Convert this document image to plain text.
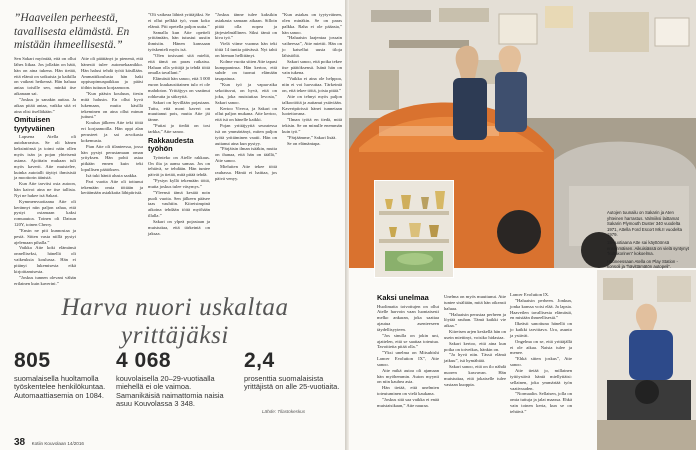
”Haaveilen perheestä, tavallisesta elämästä. En mistään ihmeellisestä.”

Sen Sakari myöntää, että on ollut lähes liikaa. Jos jollakin on hätä, hän on aina tukena. Hän tietää, että elämä on sotkuista ja kaikilla on vaikeat hetkensä. Hän haluaa antaa toisille sen, minkä itse aikanaan sai.

”Joskus jo sanakin auttaa. Ja aikaa pitää antaa, vaikka sitä ei aina olisi itselläkään.”

Omituisen tyytyväinen

Lapsena Atella oli autoharrastus. Se oli hänen keksintönsä ja toimi näin ollen myös isän ja pojan yhteisenä asiana. Ajoittain mukaan tuli myös kaverit. Atte muistelee, kuinka autotalli täyttyi ihmisistä ja moottorin äänistä.

Kun Atte tarvitsi osia autoon, hän kaivoi aina ne itse tallista. Nyt ne hakee isä Sakari.

Kymmenvuotiaana Atte oli kerännyt niin paljon rahaa, että pystyi ostamaan kaksi romuautoa. Toinen oli Datsun 120Y, toinen Cherry.

”Ensin ne piti kunnostaa ja pestä. Sitten vasta niillä pystyi ajelemaan pihalla.”

Vaikka Atte koki elämänsä onnelliseksi, hänellä oli vaikeuksia koulussa. Hän ei pitänyt lukemisesta eikä kirjoittamisesta.

”Joskus tunnen olevani vähän erilainen kuin kaverini.”

Atte oli päättänyt jo pienenä, että hänestä tulee automekaanikko. Hän halusi tehdä työtä käsillään. Ammattikoulusta hän haki oppisopimuspaikkaa ja pääsi töihin tuttuun korjaamoon.

”Kun pääsin kouluun, tiesin mitä halusin. En ollut hyvä lukemaan, mutta käsillä tekeminen on aina ollut minun juttuni.”

Koulun jälkeen Atte teki töitä eri korjaamoilla. Hän oppi alan perusteet ja sai arvokasta kokemusta.

Pian Atte oli tilanteessa, jossa hän pystyi perustamaan oman yrityksen. Hän pohti asiaa pitkään ennen kuin teki lopullisen päätöksen.

Isä tuki häntä alusta saakka.

Pari vuotta Atte oli tottunut tekemään omia töitään ja keräämään asiakkaita lähipiiristä.

”Oli vaikeaa lähteä yrittäjäksi. Se ei ollut pelkkä työ, vaan koko elämä. Piti opetella paljon uutta.”

Samalla kun Atte opetteli yrittämään, hän tutustui uusiin ihmisiin. Hänen kanssaan työskenteli myös isä.

”Olen tosissani sitä mieltä, että tämä on paras ratkaisu. Haluan olla yrittäjä ja tehdä töitä omalla tavallani.”

Elämästä hän sanoo, että 3 000 euron kuukausittainen tulo ei ole mahdoton. Yrittäjyys on vaatinut rohkeutta ja sitkeyttä.

Sakari on hyvillään pojastaan. Tuttu, että moni kaveri on muuttanut pois, mutta Atte jäi tänne.

”Putiat jo tiedät on tosi tarkka,” Atte sanoo.

Rakkaudesta työhön

Työnteko on Atelle rakkaus. On ilta ja aamu samaa. Jos on tehtävä, se tehdään. Hän tuntee päivät ja tietää, mitä pitää tehdä.

”Pystyn kyllä tekemään töitä, mutta joskus tulee väsymys.”

”Yleensä tämä kestää noin puoli vuotta. Sen jälkeen pääsee taas vauhtiin. Kiireisimpinä aikoina tehdään töitä myöhään illalla.”

Sakari on ylpeä pojastaan ja muistuttaa, että tärkeintä on jaksaa.

”Joskus tänne tulee kaksikin asiakasta samaan aikaan. Silloin pitää olla nopea ja järjestelmällinen. Siksi tämä on kiva työ.”

Vielä viime vuonna hän teki töitä 14 tuntia päivässä. Nyt tahti on hieman hellittänyt.

Kolme vuotta sitten Atte tapasi kumppaninsa. Hän kertoo, että suhde on tuonut elämään tasapainoa.

”Kun työ ja vapaa-aika sekoittuvat, on hyvä, että on joku, joka muistuttaa levosta,” Sakari sanoo.

Kertoo Viveca, ja Sakari on ollut paljon mukana. Atte kertoo, että isä on hänelle kaikki.

Pojan yrittäjyyttä seuratessa isä on ymmärtänyt, miten paljon työtä yrittäminen vaatii. Hän on auttanut aina kun pystyy.

”Pärjäisin ilman isääkin, mutta on ihanaa, että hän on täällä,” Atte sanoo.

Mieluiten Atte tekee töitä rauhassa. Häntä ei haittaa, jos päivä venyy.

”Kun asiakas on tyytyväinen, olen minäkin. Se on paras palkka. Raha ei ole pääasia,” hän sanoo.

”Haluaisin laajentaa jossain vaiheessa”, Atte miettii. Hän on jo katsellut uusia tiloja lähistöltä.

Sakari sanoo, että poika tekee itse päätöksensä. Isänä hän on vain tukena.

”Vaikka ei aina ole helppoa, niin ei voi luovuttaa. Tärkeintä on, että tekee töitä, joista pitää.”

Atte on tehnyt myös paljon talkootöitä ja auttanut ystäviään. Kaveripiirissä hänet tunnetaan luotettavana.

”Ilman työtä en tiedä, mitä tekisin. Se on minulle enemmän kuin työ.”

”Pärjäämme,” Sakari lisää.

Se on elämäntapa.

Harva nuori uskaltaa yrittäjäksi
805
suomalaisella huoltamolla työskentelee henkilökuntaa. Automaattiasemia on 1084.
4 068
kouvolaisella 20–29-vuotiaalla miehellä ei ole vaimoa. Samanikäisiä naimattomia naisia asuu Kouvolassa 3 348.
2,4
prosenttia suomalaisista yrittäjistä on alle 25-vuotiaita.
Lähde: Tilastokeskus
38 Kotiin Kouvolaan 14/2016

Autojen tuunailu on Sakarin ja Aten yhteinen harrastus. Valmiiksi laittamat Sakarin Plymouth Duster 340 vuodelta 1971, Attella Ford Escort Mk.II vuodelta 1979.

15-vuotiaana Atte sai käyttöönsä ensimmäisen. Aikuisiässä on vielä syntynyt ”kultakorinen” kokoelma.

Huoneessaan Atella on Play Station -konsoli ja ”hävittämätön autopeli”.

Kaksi unelmaa

Huolimatta toivottujen on ollut Atelle harvoin vaan luontaisesti melko ankaran, joka saattaa ajautua asenteeseen täydellisyyteen.

”Jos sinulla on jokin uni, ajattelen, että se saattaa toteutua. Tavoitteita pitää olla.”

”Yksi unelma on Mitsubishi Lancer Evolution IX”, Atte sanoo.

Atte mikä autoa oli ajamaan hän myöhemmin. Auton myynti on niin kauhea asia.

Hän tietää, että unelmien toteutuminen on vielä kaukana.

”Joskus sitä saa vaikka ei enää muistaisikaan,” Atte nauraa.

Unelma on myös muuttunut. Atte tuntee sisältään, mitä hän oikeasti haluaa.

”Haluaisin perustaa perheen ja löytää rauhan. Tämä kaikki vie aikaa.”

Kiireisen arjen keskellä hän on usein miettinyt, voisiko hidastaa.

Sakari kertoo, että aina kun poika on toiveikas, hänkin on.

”Ja hyvä niin. Tässä elämä jatkuu”, isä hymähtää.

Sakari sanoo, että on ilo nähdä nuoren kasvavan. Hän muistuttaa, että jokaiselle tulee vastaan kuoppia.

Lancer Evolution IX.

”Haluaisin perheen. Jonkun, jonka kanssa voisi elää. Ja lapsia. Haaveilen tavallisesta elämästä, en mistään ihmeellisestä.”

Ilkeästi sanottuna hänellä on jo kaikki tarvittava. Ura, asunto ja ystävät.

Ongelma on se, että yrittäjällä ei ole aikaa. Naisia tulee ja menee.

”Ehkä sitten joskus”, Atte sanoo.

Atte tietää jo, millainen tyttöystävä häntä miellyttäisi: sellainen, joka ymmärtää työn vaativuuden.

”Normaalin. Sellaisen, jolla on omia tuttuja ja jalat maassa. Ehkä vain toinen kerta, kun se on tehtävä.”
